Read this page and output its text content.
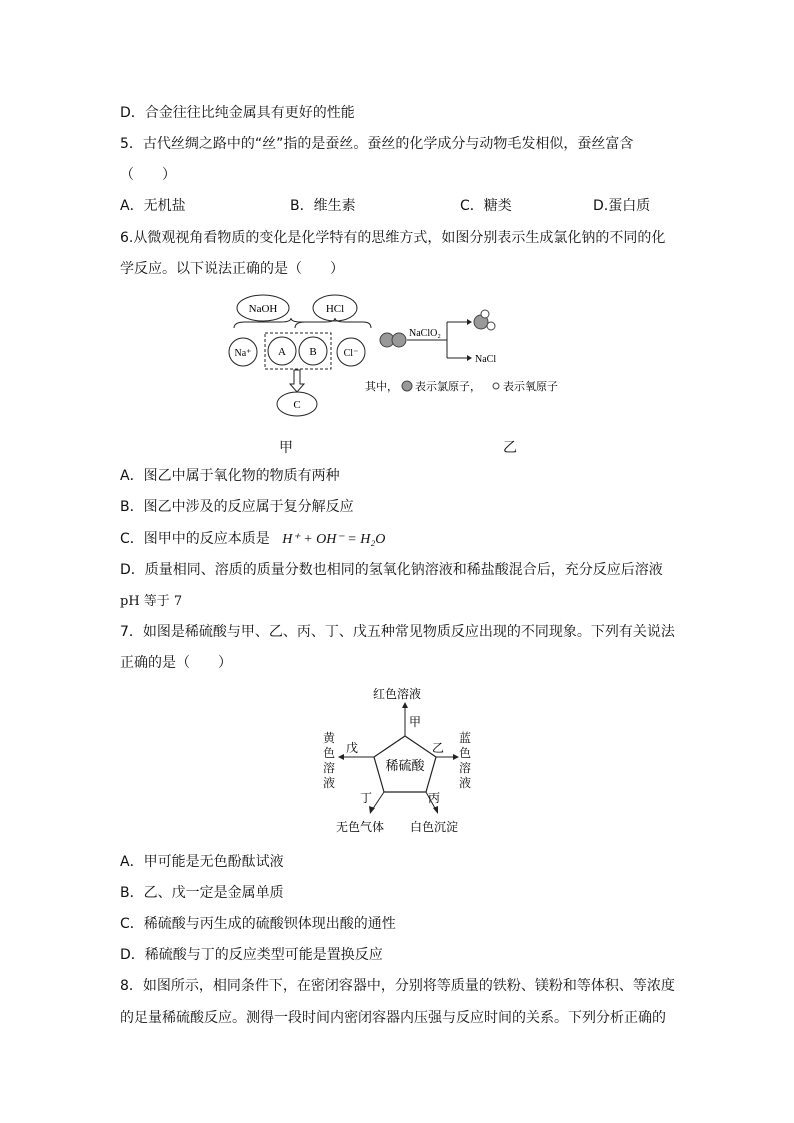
D．合金往往比纯金属具有更好的性能
5．古代丝绸之路中的“丝”指的是蚕丝。蚕丝的化学成分与动物毛发相似，蚕丝富含
（　　）
A．无机盐	B．维生素	C．糖类	D.蛋白质
6.从微观视角看物质的变化是化学特有的思维方式，如图分别表示生成氯化钠的不同的化
学反应。以下说法正确的是（　　）
NaOH	HCl
Na⁺ A B	Cl⁻
C
NaClO₂
NaCl
其中， 表示氯原子， 表示氧原子
甲	乙
A．图乙中属于氧化物的物质有两种
B．图乙中涉及的反应属于复分解反应
C．图甲中的反应本质是 H⁺ + OH⁻ = H₂O
D．质量相同、溶质的质量分数也相同的氢氧化钠溶液和稀盐酸混合后，充分反应后溶液
pH 等于 7
7．如图是稀硫酸与甲、乙、丙、丁、戊五种常见物质反应出现的不同现象。下列有关说法
正确的是（　　）
稀硫酸
红色溶液
甲
乙
戊
丁
无色气体
丙
白色沉淀
黄色溶液
蓝色溶液
A．甲可能是无色酚酞试液
B．乙、戊一定是金属单质
C．稀硫酸与丙生成的硫酸钡体现出酸的通性
D．稀硫酸与丁的反应类型可能是置换反应
8．如图所示，相同条件下，在密闭容器中，分别将等质量的铁粉、镁粉和等体积、等浓度
的足量稀硫酸反应。测得一段时间内密闭容器内压强与反应时间的关系。下列分析正确的
